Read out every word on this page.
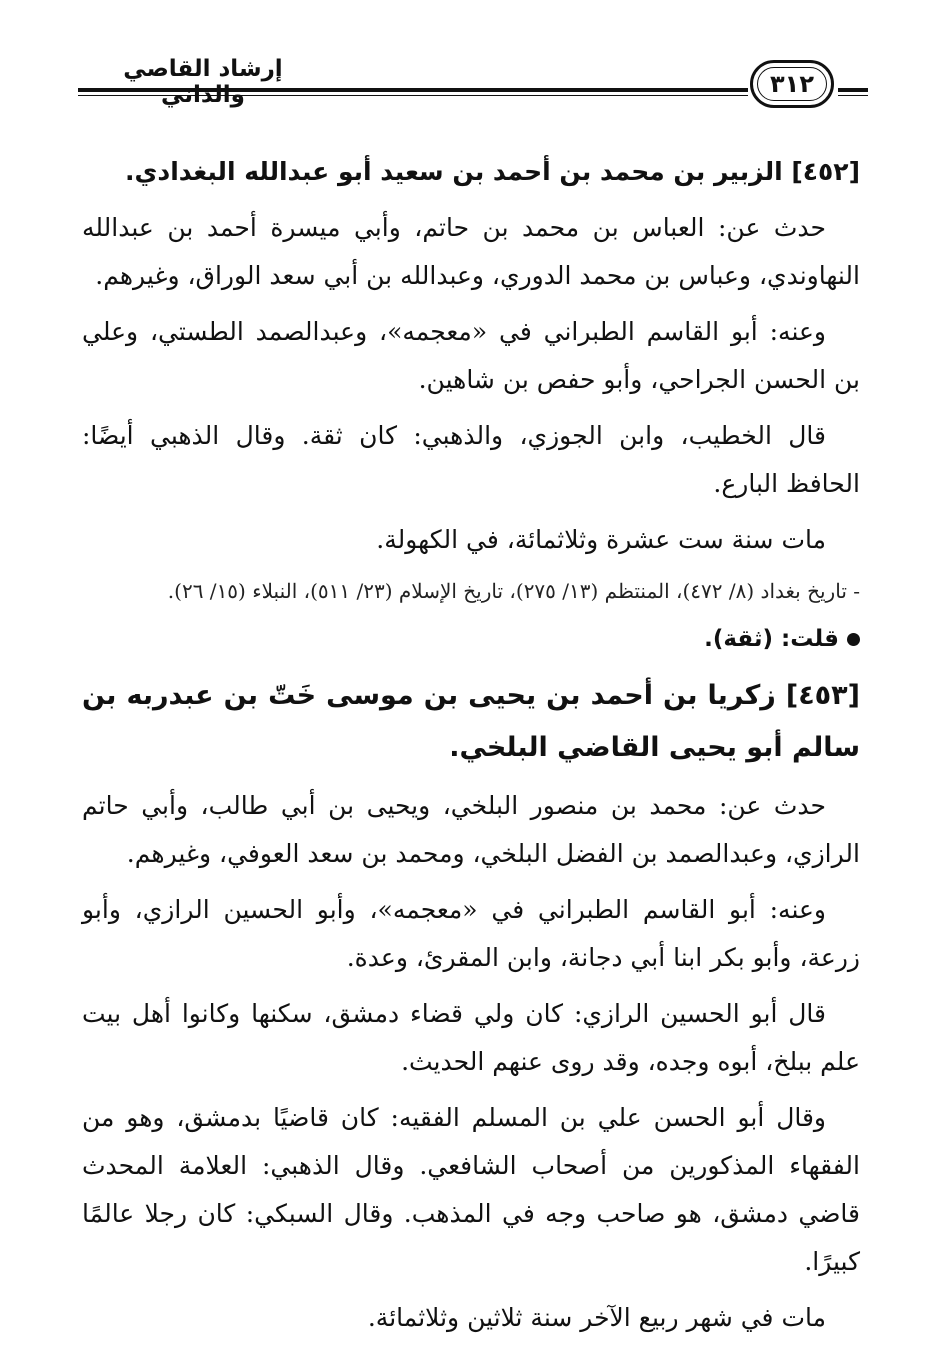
إرشاد القاصي
٣١٢
[٤٥٢] الزبير بن محمد بن أحمد بن سعيد أبو عبدالله البغدادي.

حدث عن: العباس بن محمد بن حاتم، وأبي ميسرة أحمد بن عبدالله النهاوندي، وعباس بن محمد الدوري، وعبدالله بن أبي سعد الوراق، وغيرهم.

وعنه: أبو القاسم الطبراني في «معجمه»، وعبدالصمد الطستي، وعلي بن الحسن الجراحي، وأبو حفص بن شاهين.

قال الخطيب، وابن الجوزي، والذهبي: كان ثقة. وقال الذهبي أيضًا: الحافظ البارع.

مات سنة ست عشرة وثلاثمائة، في الكهولة.

- تاريخ بغداد (٨/ ٤٧٢)، المنتظم (١٣/ ٢٧٥)، تاريخ الإسلام (٢٣/ ٥١١)، النبلاء (١٥/ ٢٦).

قلت: (ثقة).
[٤٥٣] زكريا بن أحمد بن يحيى بن موسى خَتّ بن عبدربه بن سالم أبو يحيى القاضي البلخي.

حدث عن: محمد بن منصور البلخي، ويحيى بن أبي طالب، وأبي حاتم الرازي، وعبدالصمد بن الفضل البلخي، ومحمد بن سعد العوفي، وغيرهم.

وعنه: أبو القاسم الطبراني في «معجمه»، وأبو الحسين الرازي، وأبو زرعة، وأبو بكر ابنا أبي دجانة، وابن المقرئ، وعدة.

قال أبو الحسين الرازي: كان ولي قضاء دمشق، سكنها وكانوا أهل بيت علم ببلخ، أبوه وجده، وقد روى عنهم الحديث.

وقال أبو الحسن علي بن المسلم الفقيه: كان قاضيًا بدمشق، وهو من الفقهاء المذكورين من أصحاب الشافعي. وقال الذهبي: العلامة المحدث قاضي دمشق، هو صاحب وجه في المذهب. وقال السبكي: كان رجلا عالمًا كبيرًا.

مات في شهر ربيع الآخر سنة ثلاثين وثلاثمائة.
